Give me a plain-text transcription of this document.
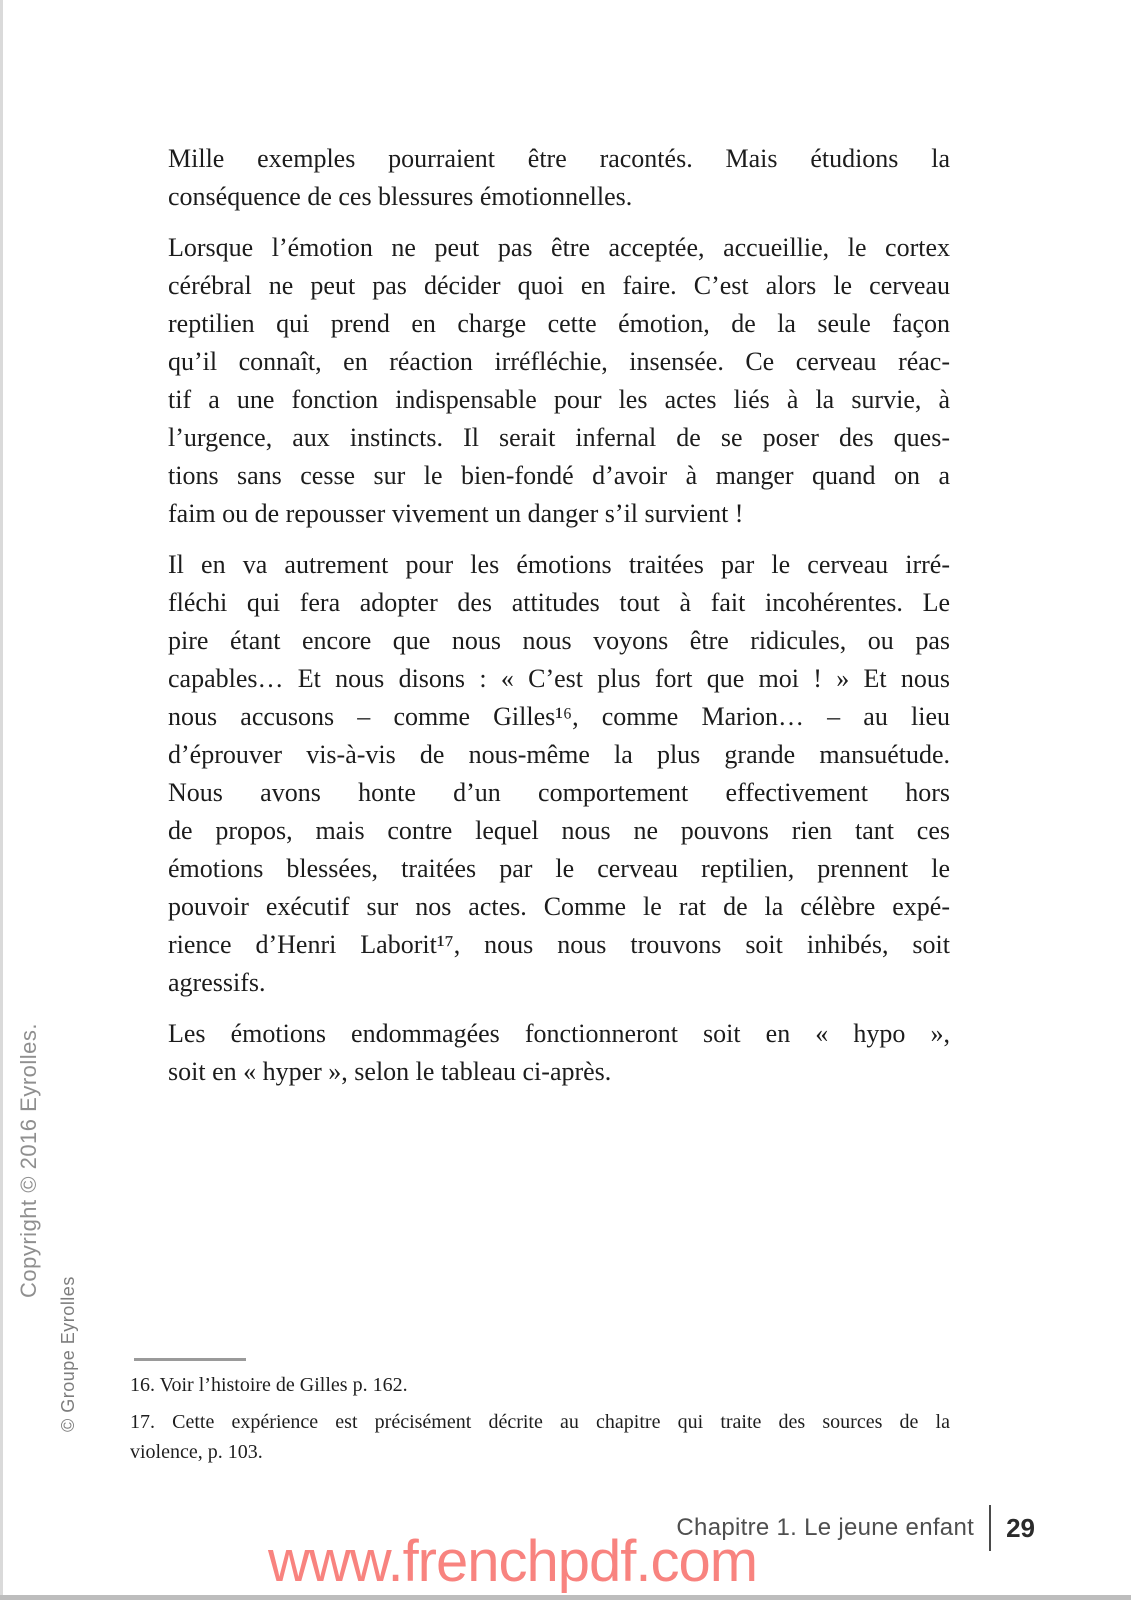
Mille exemples pourraient être racontés. Mais étudions la
conséquence de ces blessures émotionnelles.
Lorsque l’émotion ne peut pas être acceptée, accueillie, le cortex
cérébral ne peut pas décider quoi en faire. C’est alors le cerveau
reptilien qui prend en charge cette émotion, de la seule façon
qu’il connaît, en réaction irréfléchie, insensée. Ce cerveau réac-
tif a une fonction indispensable pour les actes liés à la survie, à
l’urgence, aux instincts. Il serait infernal de se poser des ques-
tions sans cesse sur le bien-fondé d’avoir à manger quand on a
faim ou de repousser vivement un danger s’il survient !
Il en va autrement pour les émotions traitées par le cerveau irré-
fléchi qui fera adopter des attitudes tout à fait incohérentes. Le
pire étant encore que nous nous voyons être ridicules, ou pas
capables… Et nous disons : « C’est plus fort que moi ! » Et nous
nous accusons – comme Gilles¹⁶, comme Marion… – au lieu
d’éprouver vis-à-vis de nous-même la plus grande mansuétude.
Nous avons honte d’un comportement effectivement hors
de propos, mais contre lequel nous ne pouvons rien tant ces
émotions blessées, traitées par le cerveau reptilien, prennent le
pouvoir exécutif sur nos actes. Comme le rat de la célèbre expé-
rience d’Henri Laborit¹⁷, nous nous trouvons soit inhibés, soit
agressifs.
Les émotions endommagées fonctionneront soit en « hypo »,
soit en « hyper », selon le tableau ci-après.
Copyright © 2016 Eyrolles.
© Groupe Eyrolles	16. Voir l’histoire de Gilles p. 162.
17. Cette expérience est précisément décrite au chapitre qui traite des sources de la
violence, p. 103.
Chapitre 1. Le jeune enfant 29
www.frenchpdf.com
